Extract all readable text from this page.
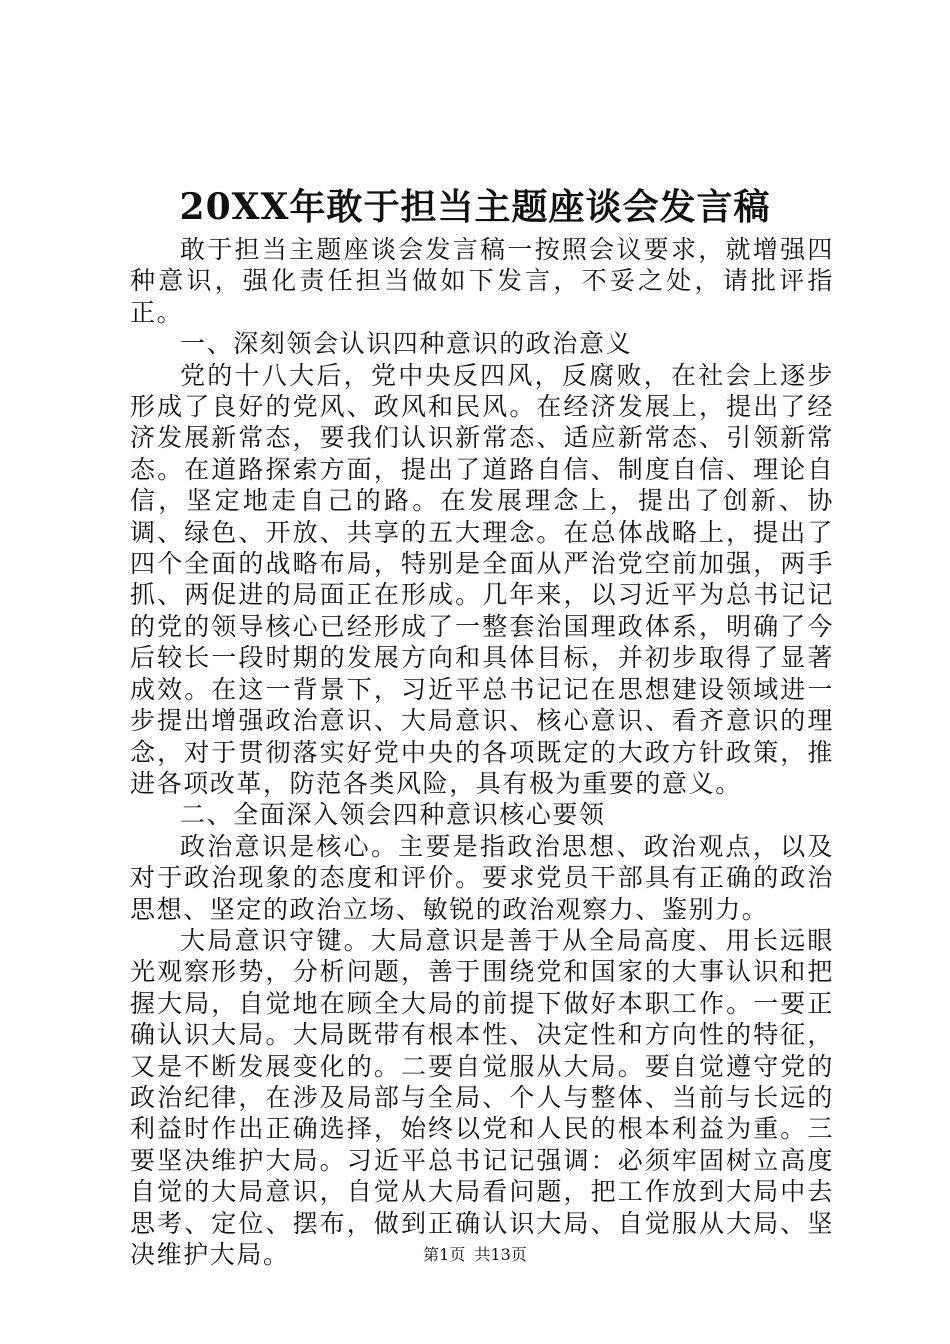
20XX年敢于担当主题座谈会发言稿

敢于担当主题座谈会发言稿一按照会议要求，就增强四种意识，强化责任担当做如下发言，不妥之处，请批评指正。

一、深刻领会认识四种意识的政治意义

党的十八大后，党中央反四风，反腐败，在社会上逐步形成了良好的党风、政风和民风。在经济发展上，提出了经济发展新常态，要我们认识新常态、适应新常态、引领新常态。在道路探索方面，提出了道路自信、制度自信、理论自信，坚定地走自己的路。在发展理念上，提出了创新、协调、绿色、开放、共享的五大理念。在总体战略上，提出了四个全面的战略布局，特别是全面从严治党空前加强，两手抓、两促进的局面正在形成。几年来，以习近平为总书记记的党的领导核心已经形成了一整套治国理政体系，明确了今后较长一段时期的发展方向和具体目标，并初步取得了显著成效。在这一背景下，习近平总书记记在思想建设领域进一步提出增强政治意识、大局意识、核心意识、看齐意识的理念，对于贯彻落实好党中央的各项既定的大政方针政策，推进各项改革，防范各类风险，具有极为重要的意义。

二、全面深入领会四种意识核心要领

政治意识是核心。主要是指政治思想、政治观点，以及对于政治现象的态度和评价。要求党员干部具有正确的政治思想、坚定的政治立场、敏锐的政治观察力、鉴别力。

大局意识守键。大局意识是善于从全局高度、用长远眼光观察形势，分析问题，善于围绕党和国家的大事认识和把握大局，自觉地在顾全大局的前提下做好本职工作。一要正确认识大局。大局既带有根本性、决定性和方向性的特征，又是不断发展变化的。二要自觉服从大局。要自觉遵守党的政治纪律，在涉及局部与全局、个人与整体、当前与长远的利益时作出正确选择，始终以党和人民的根本利益为重。三要坚决维护大局。习近平总书记记强调：必须牢固树立高度自觉的大局意识，自觉从大局看问题，把工作放到大局中去思考、定位、摆布，做到正确认识大局、自觉服从大局、坚决维护大局。	第1页 共13页
